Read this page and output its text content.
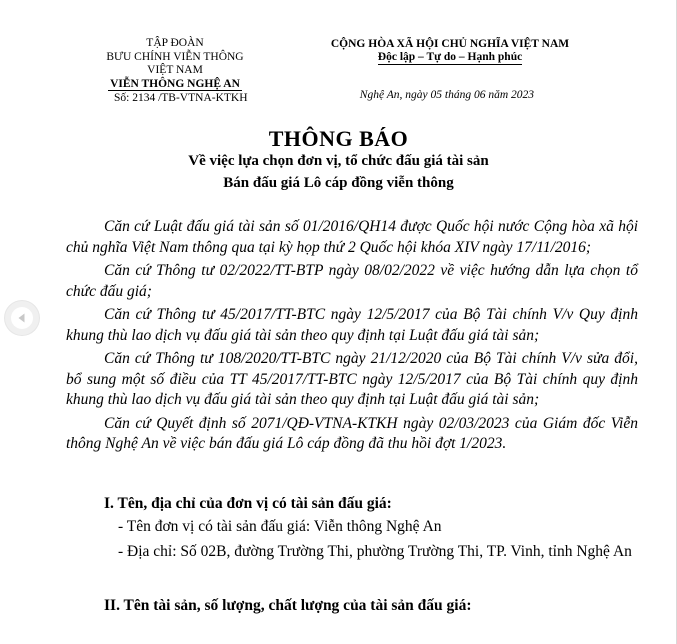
TẬP ĐOÀN
BƯU CHÍNH VIỄN THÔNG
VIỆT NAM
VIỄN THÔNG NGHỆ AN
Số: 2134 /TB-VTNA-KTKH
CỘNG HÒA XÃ HỘI CHỦ NGHĨA VIỆT NAM
Độc lập – Tự do – Hạnh phúc
Nghệ An, ngày 05 tháng 06 năm 2023
THÔNG BÁO
Về việc lựa chọn đơn vị, tổ chức đấu giá tài sản
Bán đấu giá Lô cáp đồng viễn thông

Căn cứ Luật đấu giá tài sản số 01/2016/QH14 được Quốc hội nước Cộng hòa xã hội chủ nghĩa Việt Nam thông qua tại kỳ họp thứ 2 Quốc hội khóa XIV ngày 17/11/2016;

Căn cứ Thông tư 02/2022/TT-BTP ngày 08/02/2022 về việc hướng dẫn lựa chọn tổ chức đấu giá;

Căn cứ Thông tư 45/2017/TT-BTC ngày 12/5/2017 của Bộ Tài chính V/v Quy định khung thù lao dịch vụ đấu giá tài sản theo quy định tại Luật đấu giá tài sản;

Căn cứ Thông tư 108/2020/TT-BTC ngày 21/12/2020 của Bộ Tài chính V/v sửa đổi, bổ sung một số điều của TT 45/2017/TT-BTC ngày 12/5/2017 của Bộ Tài chính quy định khung thù lao dịch vụ đấu giá tài sản theo quy định tại Luật đấu giá tài sản;

Căn cứ Quyết định số 2071/QĐ-VTNA-KTKH ngày 02/03/2023 của Giám đốc Viễn thông Nghệ An về việc bán đấu giá Lô cáp đồng đã thu hồi đợt 1/2023.

I. Tên, địa chỉ của đơn vị có tài sản đấu giá:
- Tên đơn vị có tài sản đấu giá: Viễn thông Nghệ An
- Địa chỉ: Số 02B, đường Trường Thi, phường Trường Thi, TP. Vinh, tỉnh Nghệ An
II. Tên tài sản, số lượng, chất lượng của tài sản đấu giá:
